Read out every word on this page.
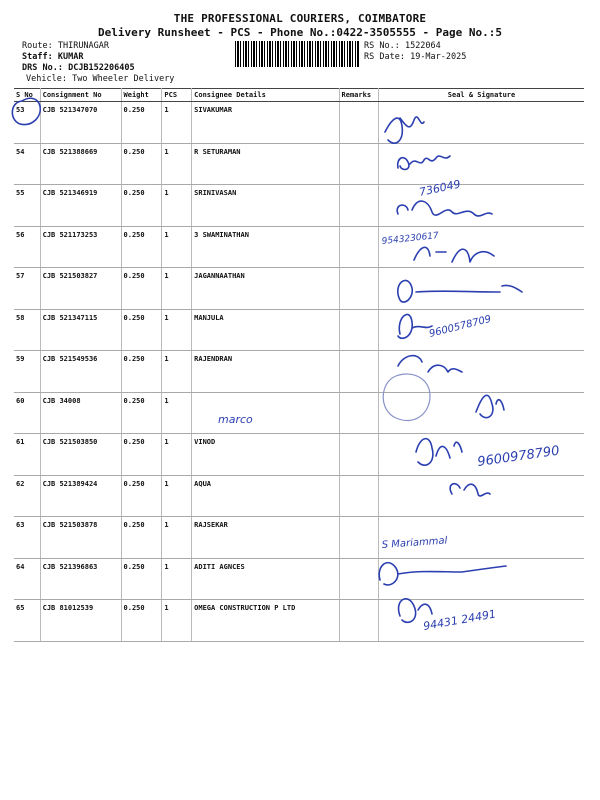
THE PROFESSIONAL COURIERS, COIMBATORE
Delivery Runsheet - PCS - Phone No.:0422-3505555 - Page No.:5
Route: THIRUNAGAR
Staff: KUMAR
DRS No.: DCJB152206405
Vehicle: Two Wheeler Delivery
RS No.: 1522064
RS Date: 19-Mar-2025
S No	Consignment No	Weight	PCS	Consignee Details	Remarks	Seal & Signature
53	CJB 521347070	0.250	1	SIVAKUMAR		
54	CJB 521388669	0.250	1	R SETURAMAN		
55	CJB 521346919	0.250	1	SRINIVASAN		
56	CJB 521173253	0.250	1	3 SWAMINATHAN		
57	CJB 521503827	0.250	1	JAGANNAATHAN		
58	CJB 521347115	0.250	1	MANJULA		
59	CJB 521549536	0.250	1	RAJENDRAN		
60	CJB 34008	0.250	1			
61	CJB 521503850	0.250	1	VINOD		
62	CJB 521389424	0.250	1	AQUA		
63	CJB 521503878	0.250	1	RAJSEKAR		
64	CJB 521396863	0.250	1	ADITI AGNCES		
65	CJB 81012539	0.250	1	OMEGA CONSTRUCTION P LTD		
marco
736049
9543230617
9600578709
9600978790
S Mariammal
94431 24491
